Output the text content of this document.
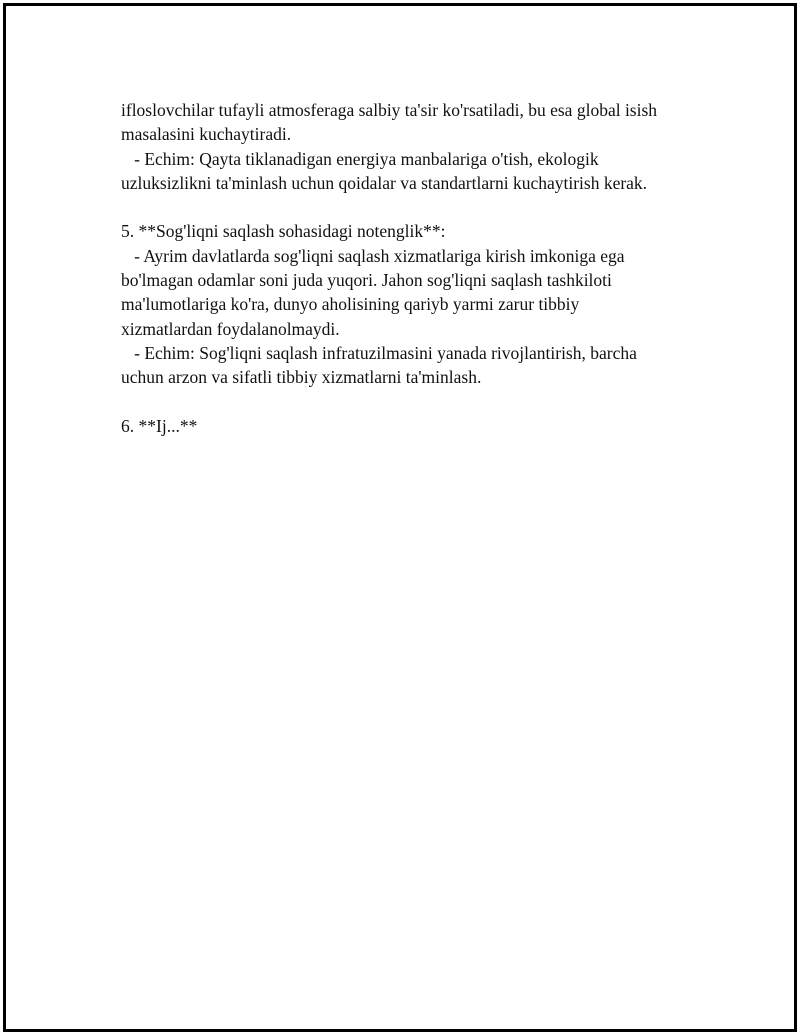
ifloslovchilar tufayli atmosferaga salbiy ta'sir ko'rsatiladi, bu esa global isish
masalasini kuchaytiradi.
- Echim: Qayta tiklanadigan energiya manbalariga o'tish, ekologik
uzluksizlikni ta'minlash uchun qoidalar va standartlarni kuchaytirish kerak.
5. **Sog'liqni saqlash sohasidagi notenglik**:
- Ayrim davlatlarda sog'liqni saqlash xizmatlariga kirish imkoniga ega
bo'lmagan odamlar soni juda yuqori. Jahon sog'liqni saqlash tashkiloti
ma'lumotlariga ko'ra, dunyo aholisining qariyb yarmi zarur tibbiy
xizmatlardan foydalanolmaydi.
- Echim: Sog'liqni saqlash infratuzilmasini yanada rivojlantirish, barcha
uchun arzon va sifatli tibbiy xizmatlarni ta'minlash.
6. **Ij...**
